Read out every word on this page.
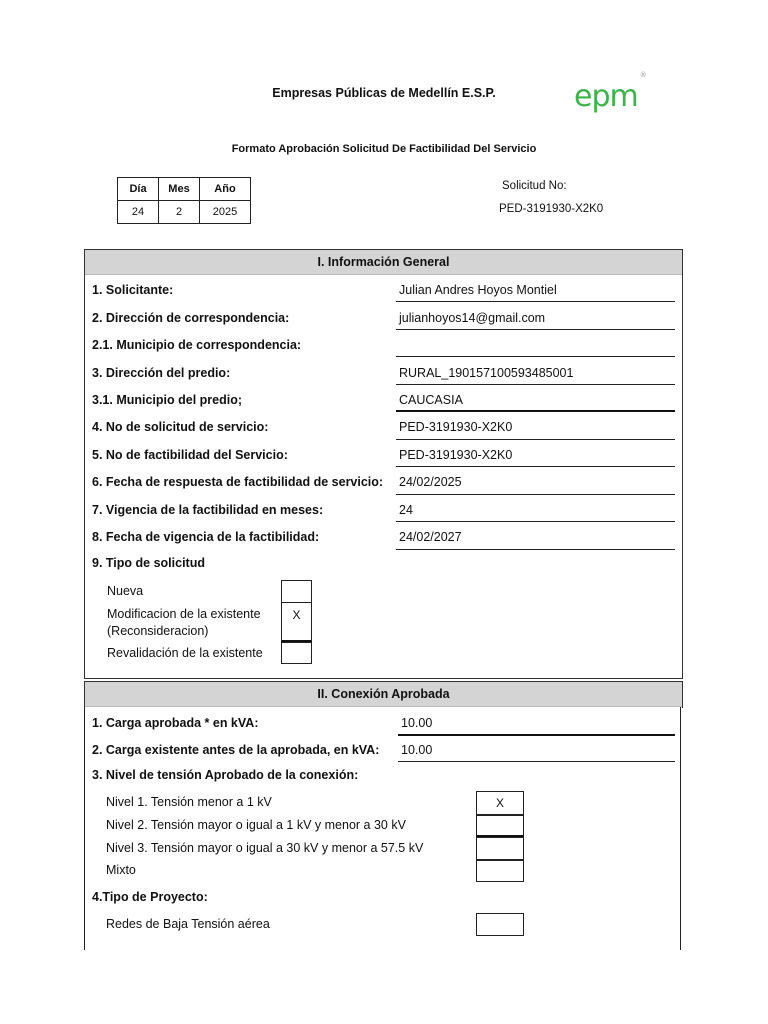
Empresas Públicas de Medellín E.S.P.	epm®
Formato Aprobación Solicitud De Factibilidad Del Servicio
Día	Mes	Año
24	2	2025
Solicitud No:
PED-3191930-X2K0
I. Información General
1. Solicitante:	Julian Andres Hoyos Montiel
2. Dirección de correspondencia:	julianhoyos14@gmail.com
2.1. Municipio de correspondencia:
3. Dirección del predio:	RURAL_190157100593485001
3.1. Municipio del predio;	CAUCASIA
4. No de solicitud de servicio:	PED-3191930-X2K0
5. No de factibilidad del Servicio:	PED-3191930-X2K0
6. Fecha de respuesta de factibilidad de servicio: 24/02/2025
7. Vigencia de la factibilidad en meses:	24
8. Fecha de vigencia de la factibilidad:	24/02/2027
9. Tipo de solicitud
Nueva
Modificacion de la existente
(Reconsideracion)
X
Revalidación de la existente
II. Conexión Aprobada
1. Carga aprobada * en kVA:	10.00
2. Carga existente antes de la aprobada, en kVA: 10.00
3. Nivel de tensión Aprobado de la conexión:
Nivel 1. Tensión menor a 1 kV	X
Nivel 2. Tensión mayor o igual a 1 kV y menor a 30 kV
Nivel 3. Tensión mayor o igual a 30 kV y menor a 57.5 kV
Mixto
4.Tipo de Proyecto:
Redes de Baja Tensión aérea
